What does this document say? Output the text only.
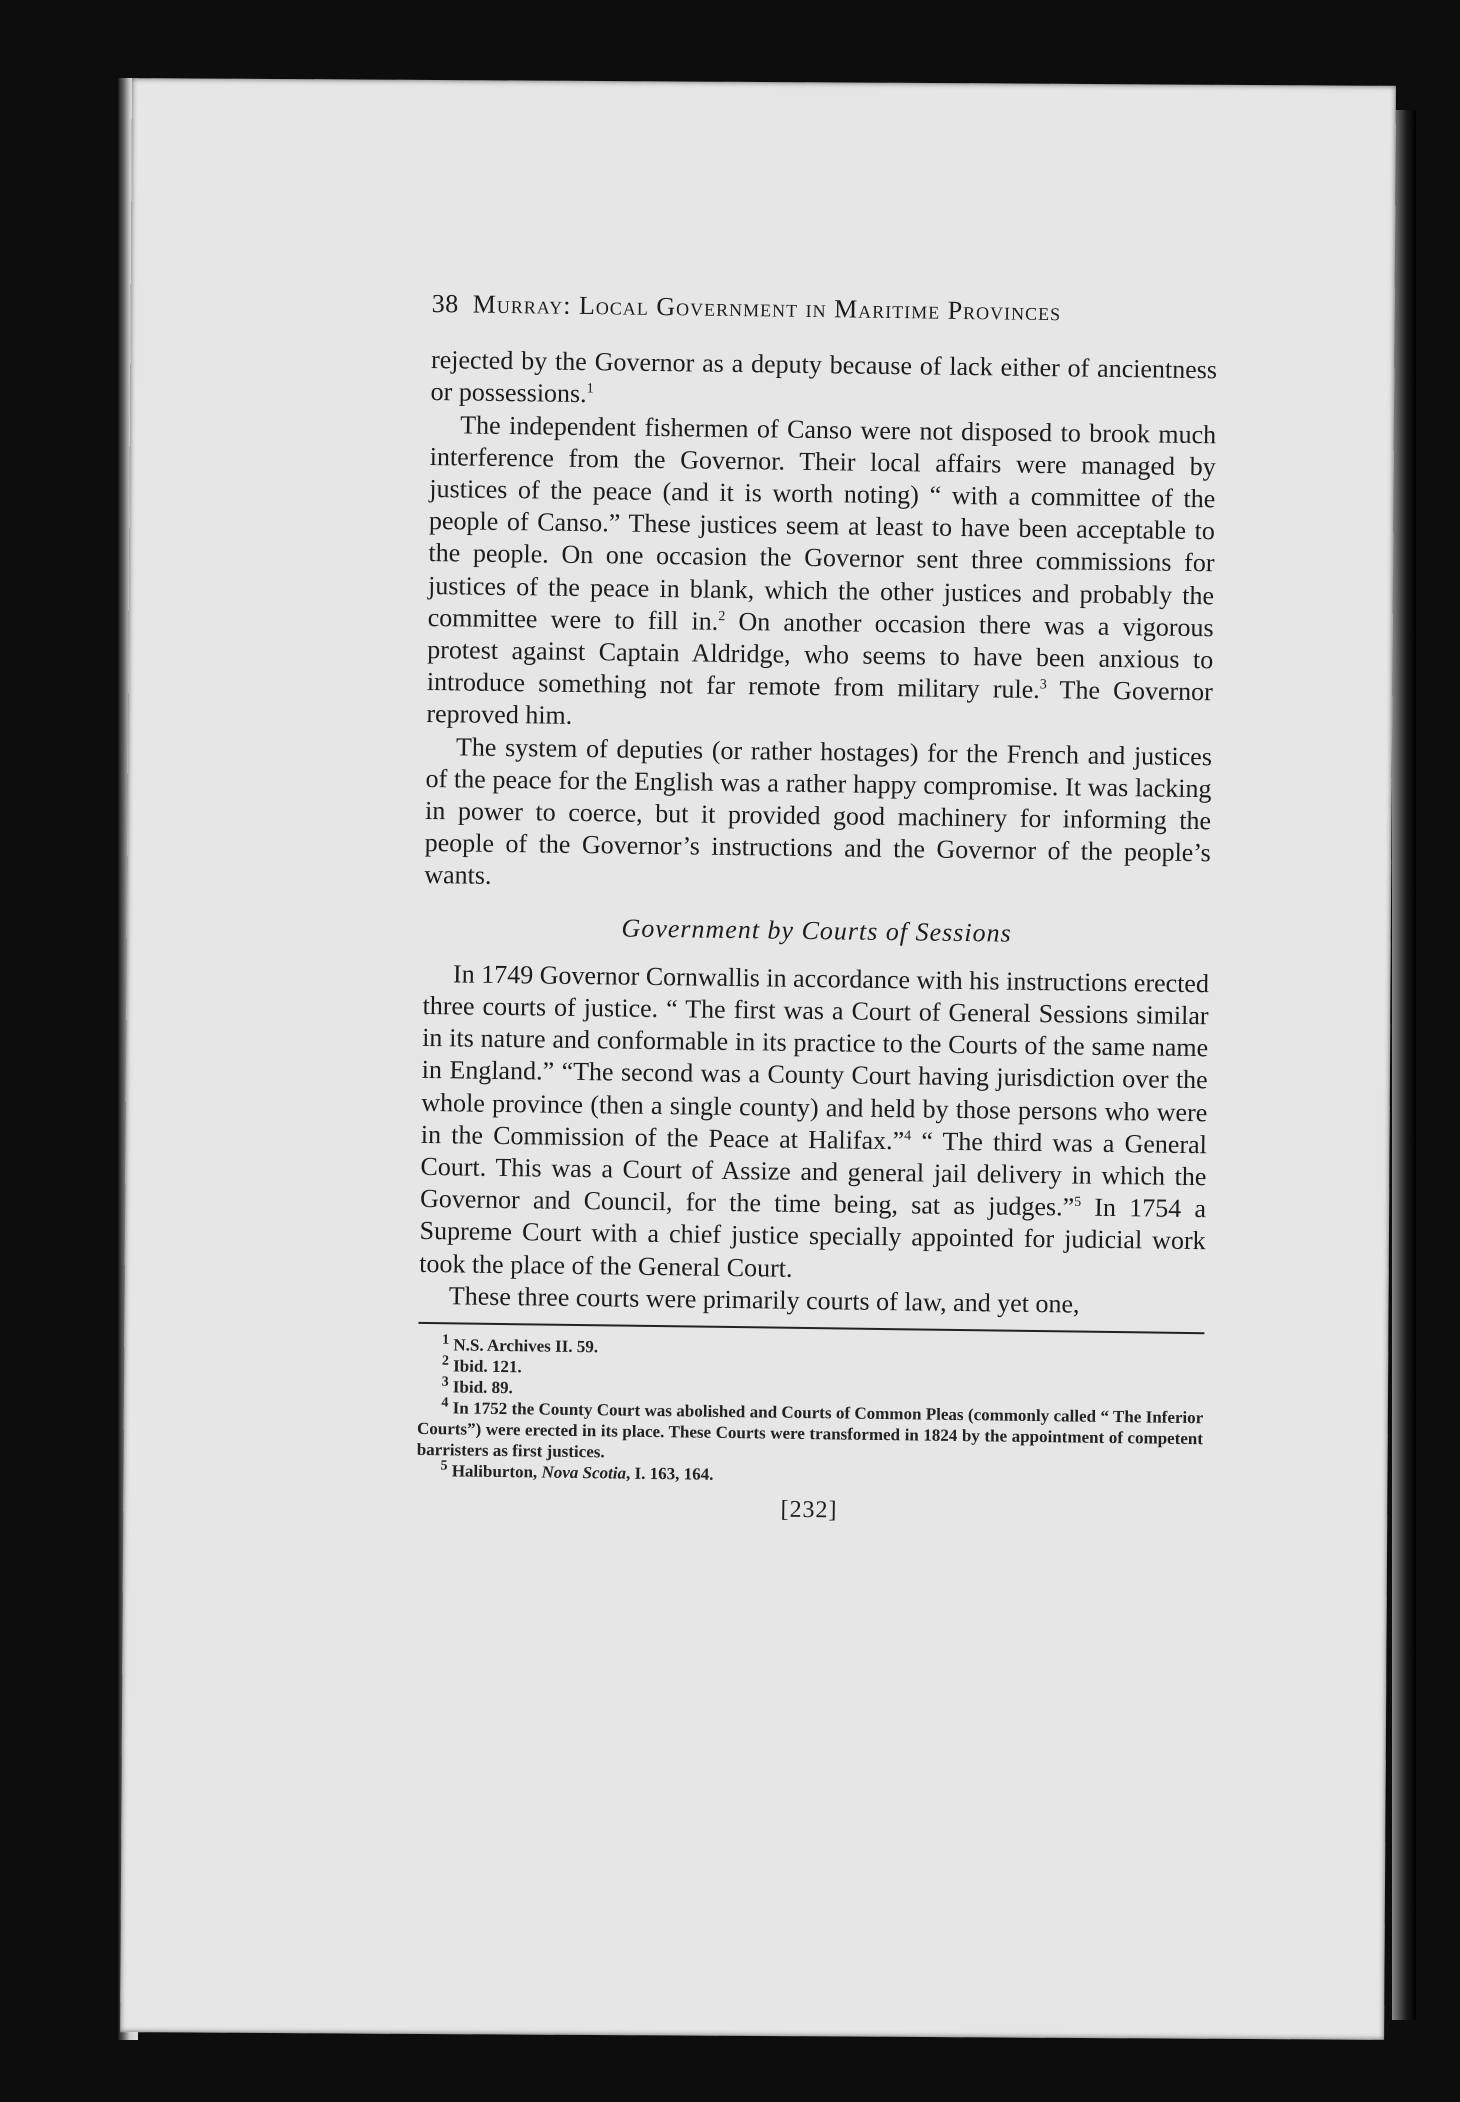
38 Murray: Local Government in Maritime Provinces

rejected by the Governor as a deputy because of lack either of ancientness or possessions.$^1$

The independent fishermen of Canso were not disposed to brook much interference from the Governor. Their local affairs were managed by justices of the peace (and it is worth noting) “ with a committee of the people of Canso.” These justices seem at least to have been acceptable to the people. On one occasion the Governor sent three commissions for justices of the peace in blank, which the other justices and probably the committee were to fill in.$^2$ On another occasion there was a vigorous protest against Captain Aldridge, who seems to have been anxious to introduce something not far remote from military rule.$^3$ The Governor reproved him.

The system of deputies (or rather hostages) for the French and justices of the peace for the English was a rather happy compromise. It was lacking in power to coerce, but it provided good machinery for informing the people of the Governor’s instructions and the Governor of the people’s wants.

Government by Courts of Sessions

In 1749 Governor Cornwallis in accordance with his instructions erected three courts of justice. “ The first was a Court of General Sessions similar in its nature and conformable in its practice to the Courts of the same name in England.” “The second was a County Court having jurisdiction over the whole province (then a single county) and held by those persons who were in the Commission of the Peace at Halifax.”$^4$ “ The third was a General Court. This was a Court of Assize and general jail delivery in which the Governor and Council, for the time being, sat as judges.”$^5$ In 1754 a Supreme Court with a chief justice specially appointed for judicial work took the place of the General Court.

These three courts were primarily courts of law, and yet one,

$^1$ N.S. Archives II. 59.
$^2$ Ibid. 121.
$^3$ Ibid. 89.
$^4$ In 1752 the County Court was abolished and Courts of Common Pleas (commonly called “ The Inferior Courts”) were erected in its place. These Courts were transformed in 1824 by the appointment of competent barristers as first justices.
$^5$ Haliburton, Nova Scotia, I. 163, 164.
[232]
